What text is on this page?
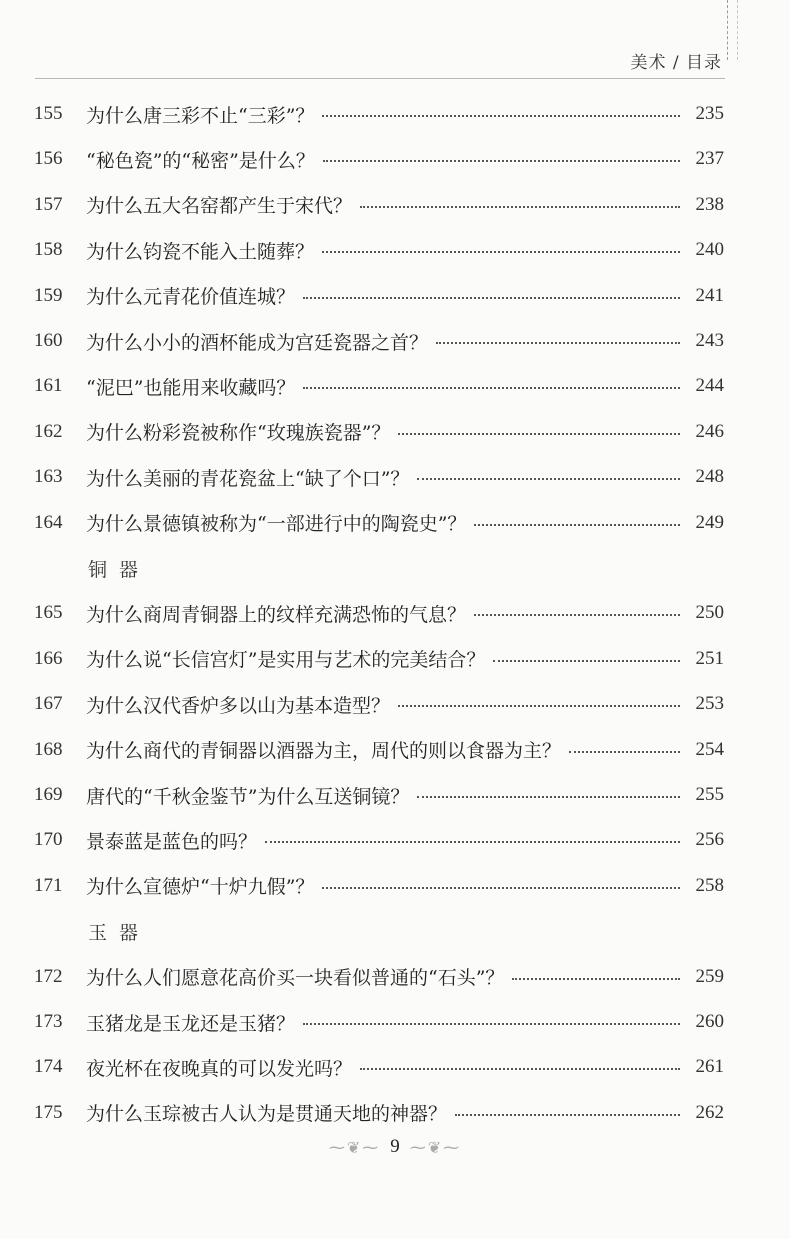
美术 / 目录
155	为什么唐三彩不止“三彩”？	235
156	“秘色瓷”的“秘密”是什么？	237
157	为什么五大名窑都产生于宋代？	238
158	为什么钧瓷不能入土随葬？	240
159	为什么元青花价值连城？	241
160	为什么小小的酒杯能成为宫廷瓷器之首？	243
161	“泥巴”也能用来收藏吗？	244
162	为什么粉彩瓷被称作“玫瑰族瓷器”？	246
163	为什么美丽的青花瓷盆上“缺了个口”？	248
164	为什么景德镇被称为“一部进行中的陶瓷史”？	249
铜器
165	为什么商周青铜器上的纹样充满恐怖的气息？	250
166	为什么说“长信宫灯”是实用与艺术的完美结合？	251
167	为什么汉代香炉多以山为基本造型？	253
168	为什么商代的青铜器以酒器为主，周代的则以食器为主？	254
169	唐代的“千秋金鉴节”为什么互送铜镜？	255
170	景泰蓝是蓝色的吗？	256
171	为什么宣德炉“十炉九假”？	258
玉器
172	为什么人们愿意花高价买一块看似普通的“石头”？	259
173	玉猪龙是玉龙还是玉猪？	260
174	夜光杯在夜晚真的可以发光吗？	261
175	为什么玉琮被古人认为是贯通天地的神器？	262
⁓❦⁓ 9 ⁓❦⁓
